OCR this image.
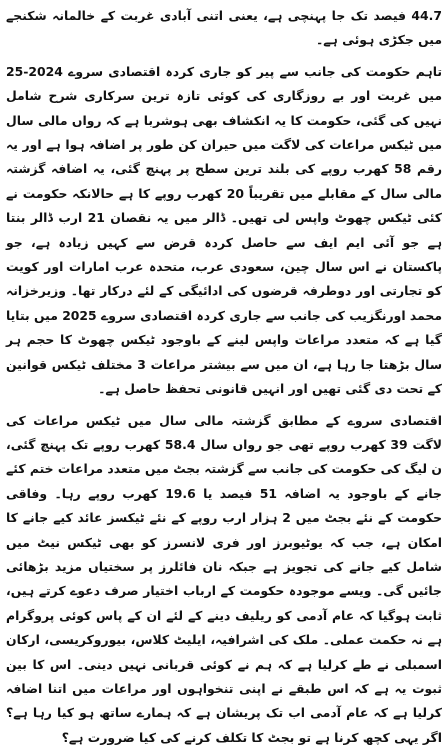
44.7 فیصد تک جا پہنچی ہے، یعنی اتنی آبادی غربت کے خالمانہ شکنجے میں جکڑی ہوئی ہے۔

تاہم حکومت کی جانب سے پیر کو جاری کردہ اقتصادی سروے 2024-25 میں غربت اور بے روزگاری کی کوئی تازہ ترین سرکاری شرح شامل نہیں کی گئی، حکومت کا یہ انکشاف بھی ہوشربا ہے کہ رواں مالی سال میں ٹیکس مراعات کی لاگت میں حیران کن طور پر اضافہ ہوا ہے اور یہ رقم 58 کھرب روپے کی بلند ترین سطح پر پہنچ گئی، یہ اضافہ گزشتہ مالی سال کے مقابلے میں تقریباً 20 کھرب روپے کا ہے حالانکہ حکومت نے کئی ٹیکس چھوٹ واپس لی تھیں۔ ڈالر میں یہ نقصان 21 ارب ڈالر بنتا ہے جو آئی ایم ایف سے حاصل کردہ قرض سے کہیں زیادہ ہے، جو پاکستان نے اس سال چین، سعودی عرب، متحدہ عرب امارات اور کویت کو تجارتی اور دوطرفہ قرضوں کی ادائیگی کے لئے درکار تھا۔ وزیرخزانہ محمد اورنگزیب کی جانب سے جاری کردہ اقتصادی سروے 2025 میں بتایا گیا ہے کہ متعدد مراعات واپس لینے کے باوجود ٹیکس چھوٹ کا حجم ہر سال بڑھتا جا رہا ہے، ان میں سے بیشتر مراعات 3 مختلف ٹیکس قوانین کے تحت دی گئی تھیں اور انہیں قانونی تحفظ حاصل ہے۔

اقتصادی سروے کے مطابق گزشتہ مالی سال میں ٹیکس مراعات کی لاگت 39 کھرب روپے تھی جو رواں سال 58.4 کھرب روپے تک پہنچ گئی، ن لیگ کی حکومت کی جانب سے گزشتہ بجٹ میں متعدد مراعات ختم کئے جانے کے باوجود یہ اضافہ 51 فیصد یا 19.6 کھرب روپے رہا۔ وفاقی حکومت کے نئے بجٹ میں 2 ہزار ارب روپے کے نئے ٹیکسز عائد کیے جانے کا امکان ہے، جب کہ یوٹیوبرز اور فری لانسرز کو بھی ٹیکس نیٹ میں شامل کیے جانے کی تجویز ہے جبکہ نان فائلرز پر سختیاں مزید بڑھائی جائیں گی۔ ویسے موجودہ حکومت کے ارباب اختیار صرف دعوے کرتے ہیں، ثابت ہوگیا کہ عام آدمی کو ریلیف دینے کے لئے ان کے پاس کوئی پروگرام ہے نہ حکمت عملی۔ ملک کی اشرافیہ، ایلیٹ کلاس، بیوروکریسی، ارکان اسمبلی نے طے کرلیا ہے کہ ہم نے کوئی قربانی نہیں دینی۔ اس کا بین ثبوت یہ ہے کہ اس طبقے نے اپنی تنخواہوں اور مراعات میں اتنا اضافہ کرلیا ہے کہ عام آدمی اب تک پریشان ہے کہ ہمارے ساتھ ہو کیا رہا ہے؟ اگر یہی کچھ کرنا ہے تو بجٹ کا تکلف کرنے کی کیا ضرورت ہے؟
